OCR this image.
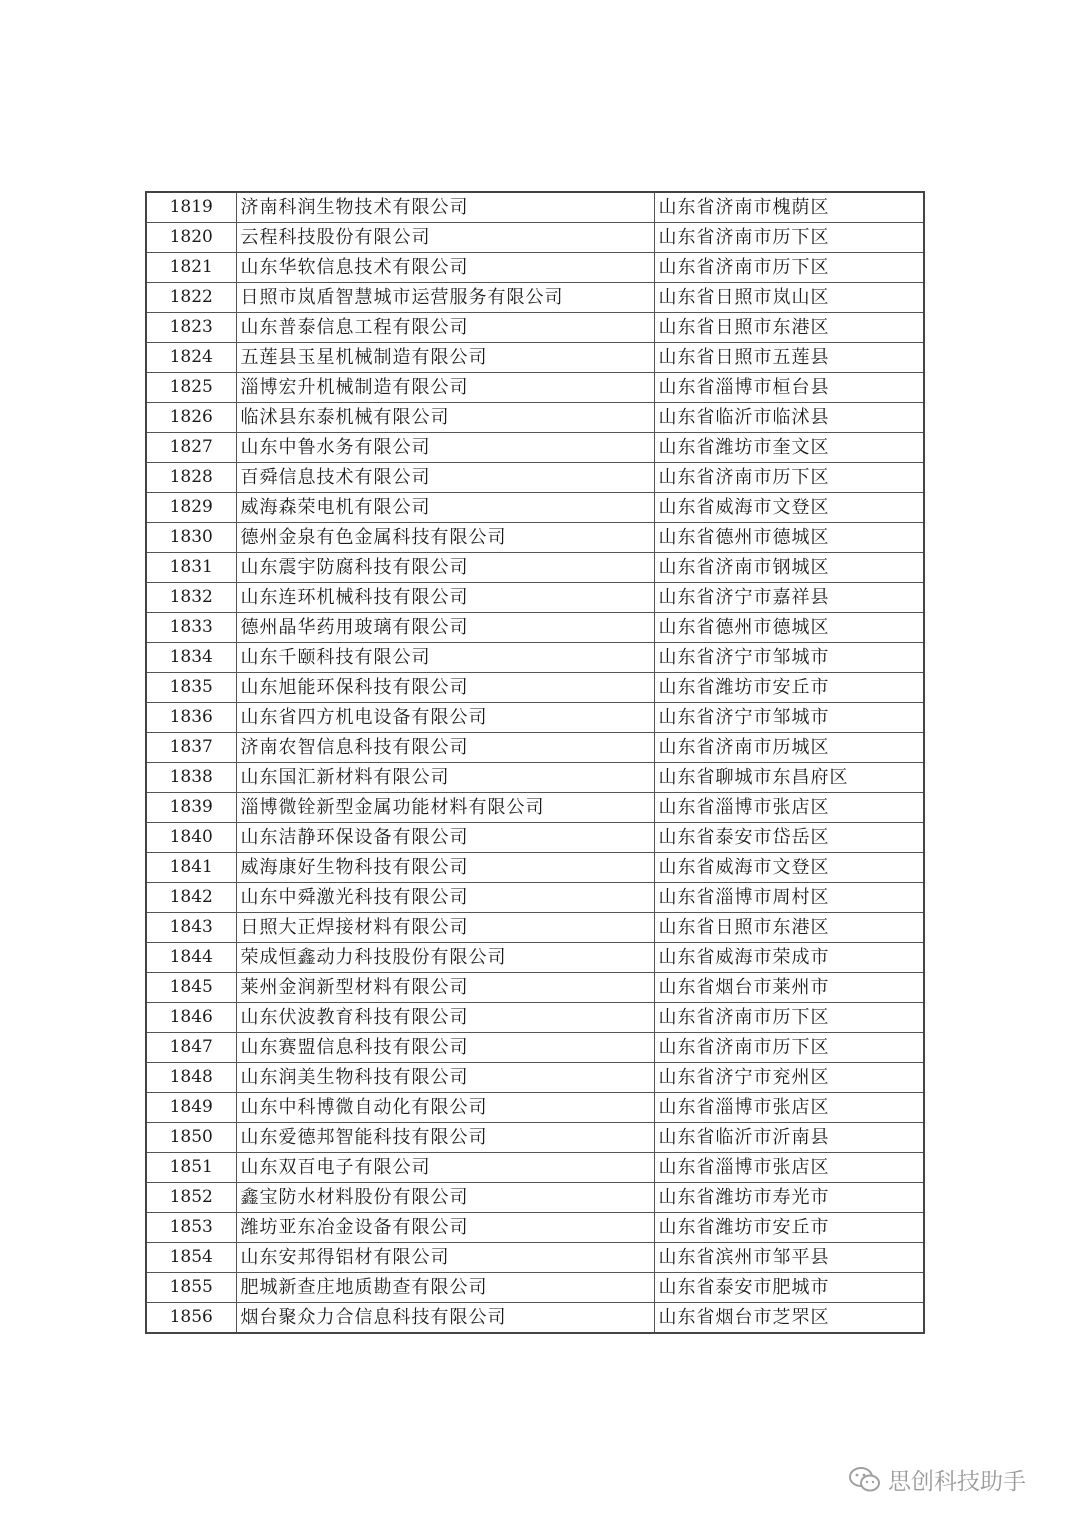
1819	济南科润生物技术有限公司	山东省济南市槐荫区
1820	云程科技股份有限公司	山东省济南市历下区
1821	山东华软信息技术有限公司	山东省济南市历下区
1822	日照市岚盾智慧城市运营服务有限公司	山东省日照市岚山区
1823	山东普泰信息工程有限公司	山东省日照市东港区
1824	五莲县玉星机械制造有限公司	山东省日照市五莲县
1825	淄博宏升机械制造有限公司	山东省淄博市桓台县
1826	临沭县东泰机械有限公司	山东省临沂市临沭县
1827	山东中鲁水务有限公司	山东省潍坊市奎文区
1828	百舜信息技术有限公司	山东省济南市历下区
1829	威海森荣电机有限公司	山东省威海市文登区
1830	德州金泉有色金属科技有限公司	山东省德州市德城区
1831	山东震宇防腐科技有限公司	山东省济南市钢城区
1832	山东连环机械科技有限公司	山东省济宁市嘉祥县
1833	德州晶华药用玻璃有限公司	山东省德州市德城区
1834	山东千颐科技有限公司	山东省济宁市邹城市
1835	山东旭能环保科技有限公司	山东省潍坊市安丘市
1836	山东省四方机电设备有限公司	山东省济宁市邹城市
1837	济南农智信息科技有限公司	山东省济南市历城区
1838	山东国汇新材料有限公司	山东省聊城市东昌府区
1839	淄博微铨新型金属功能材料有限公司	山东省淄博市张店区
1840	山东洁静环保设备有限公司	山东省泰安市岱岳区
1841	威海康好生物科技有限公司	山东省威海市文登区
1842	山东中舜激光科技有限公司	山东省淄博市周村区
1843	日照大正焊接材料有限公司	山东省日照市东港区
1844	荣成恒鑫动力科技股份有限公司	山东省威海市荣成市
1845	莱州金润新型材料有限公司	山东省烟台市莱州市
1846	山东伏波教育科技有限公司	山东省济南市历下区
1847	山东赛盟信息科技有限公司	山东省济南市历下区
1848	山东润美生物科技有限公司	山东省济宁市兖州区
1849	山东中科博微自动化有限公司	山东省淄博市张店区
1850	山东爱德邦智能科技有限公司	山东省临沂市沂南县
1851	山东双百电子有限公司	山东省淄博市张店区
1852	鑫宝防水材料股份有限公司	山东省潍坊市寿光市
1853	潍坊亚东冶金设备有限公司	山东省潍坊市安丘市
1854	山东安邦得铝材有限公司	山东省滨州市邹平县
1855	肥城新查庄地质勘查有限公司	山东省泰安市肥城市
1856	烟台聚众力合信息科技有限公司	山东省烟台市芝罘区
思创科技助手
